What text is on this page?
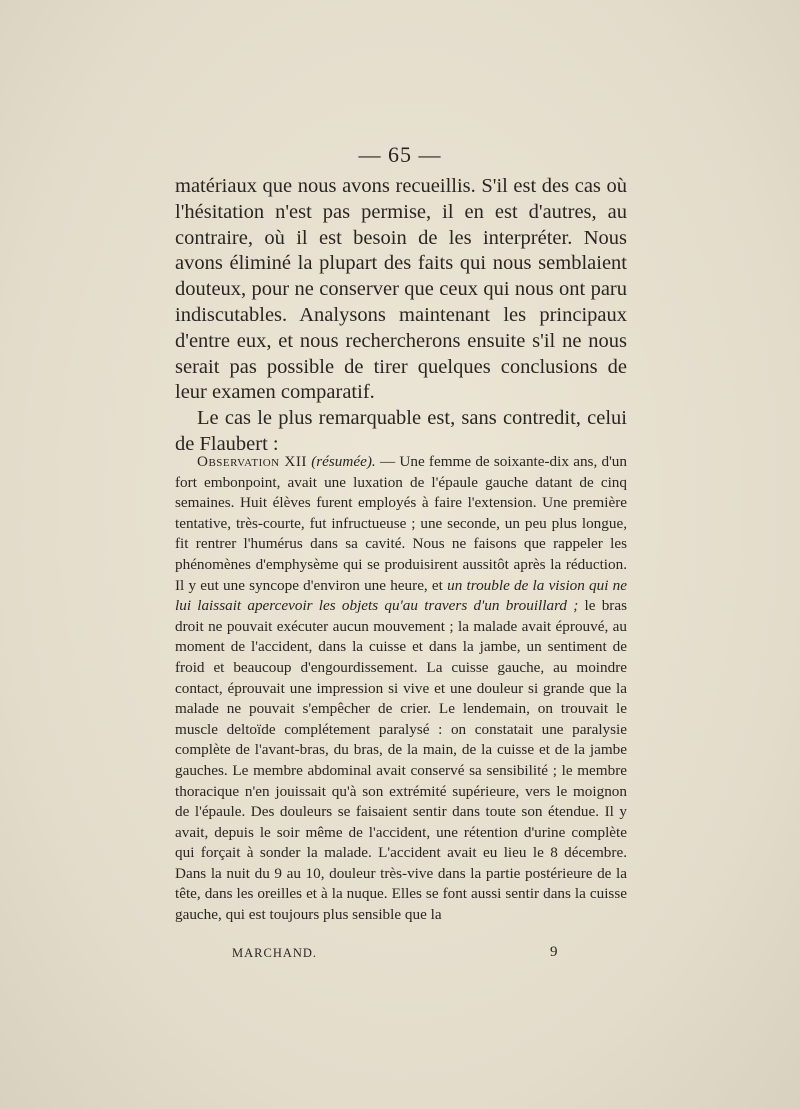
— 65 —

matériaux que nous avons recueillis. S'il est des cas où l'hésitation n'est pas permise, il en est d'autres, au contraire, où il est besoin de les interpréter. Nous avons éliminé la plupart des faits qui nous semblaient douteux, pour ne conserver que ceux qui nous ont paru indiscutables. Analysons maintenant les principaux d'entre eux, et nous rechercherons ensuite s'il ne nous serait pas possible de tirer quelques conclusions de leur examen comparatif.

Le cas le plus remarquable est, sans contredit, celui de Flaubert :

Observation XII (résumée). — Une femme de soixante-dix ans, d'un fort embonpoint, avait une luxation de l'épaule gauche datant de cinq semaines. Huit élèves furent employés à faire l'extension. Une première tentative, très-courte, fut infructueuse ; une seconde, un peu plus longue, fit rentrer l'humérus dans sa cavité. Nous ne faisons que rappeler les phénomènes d'emphysème qui se produisirent aussitôt après la réduction. Il y eut une syncope d'environ une heure, et un trouble de la vision qui ne lui laissait apercevoir les objets qu'au travers d'un brouillard ; le bras droit ne pouvait exécuter aucun mouvement ; la malade avait éprouvé, au moment de l'accident, dans la cuisse et dans la jambe, un sentiment de froid et beaucoup d'engourdissement. La cuisse gauche, au moindre contact, éprouvait une impression si vive et une douleur si grande que la malade ne pouvait s'empêcher de crier. Le lendemain, on trouvait le muscle deltoïde complétement paralysé : on constatait une paralysie complète de l'avant-bras, du bras, de la main, de la cuisse et de la jambe gauches. Le membre abdominal avait conservé sa sensibilité ; le membre thoracique n'en jouissait qu'à son extrémité supérieure, vers le moignon de l'épaule. Des douleurs se faisaient sentir dans toute son étendue. Il y avait, depuis le soir même de l'accident, une rétention d'urine complète qui forçait à sonder la malade. L'accident avait eu lieu le 8 décembre. Dans la nuit du 9 au 10, douleur très-vive dans la partie postérieure de la tête, dans les oreilles et à la nuque. Elles se font aussi sentir dans la cuisse gauche, qui est toujours plus sensible que la

MARCHAND.	9
